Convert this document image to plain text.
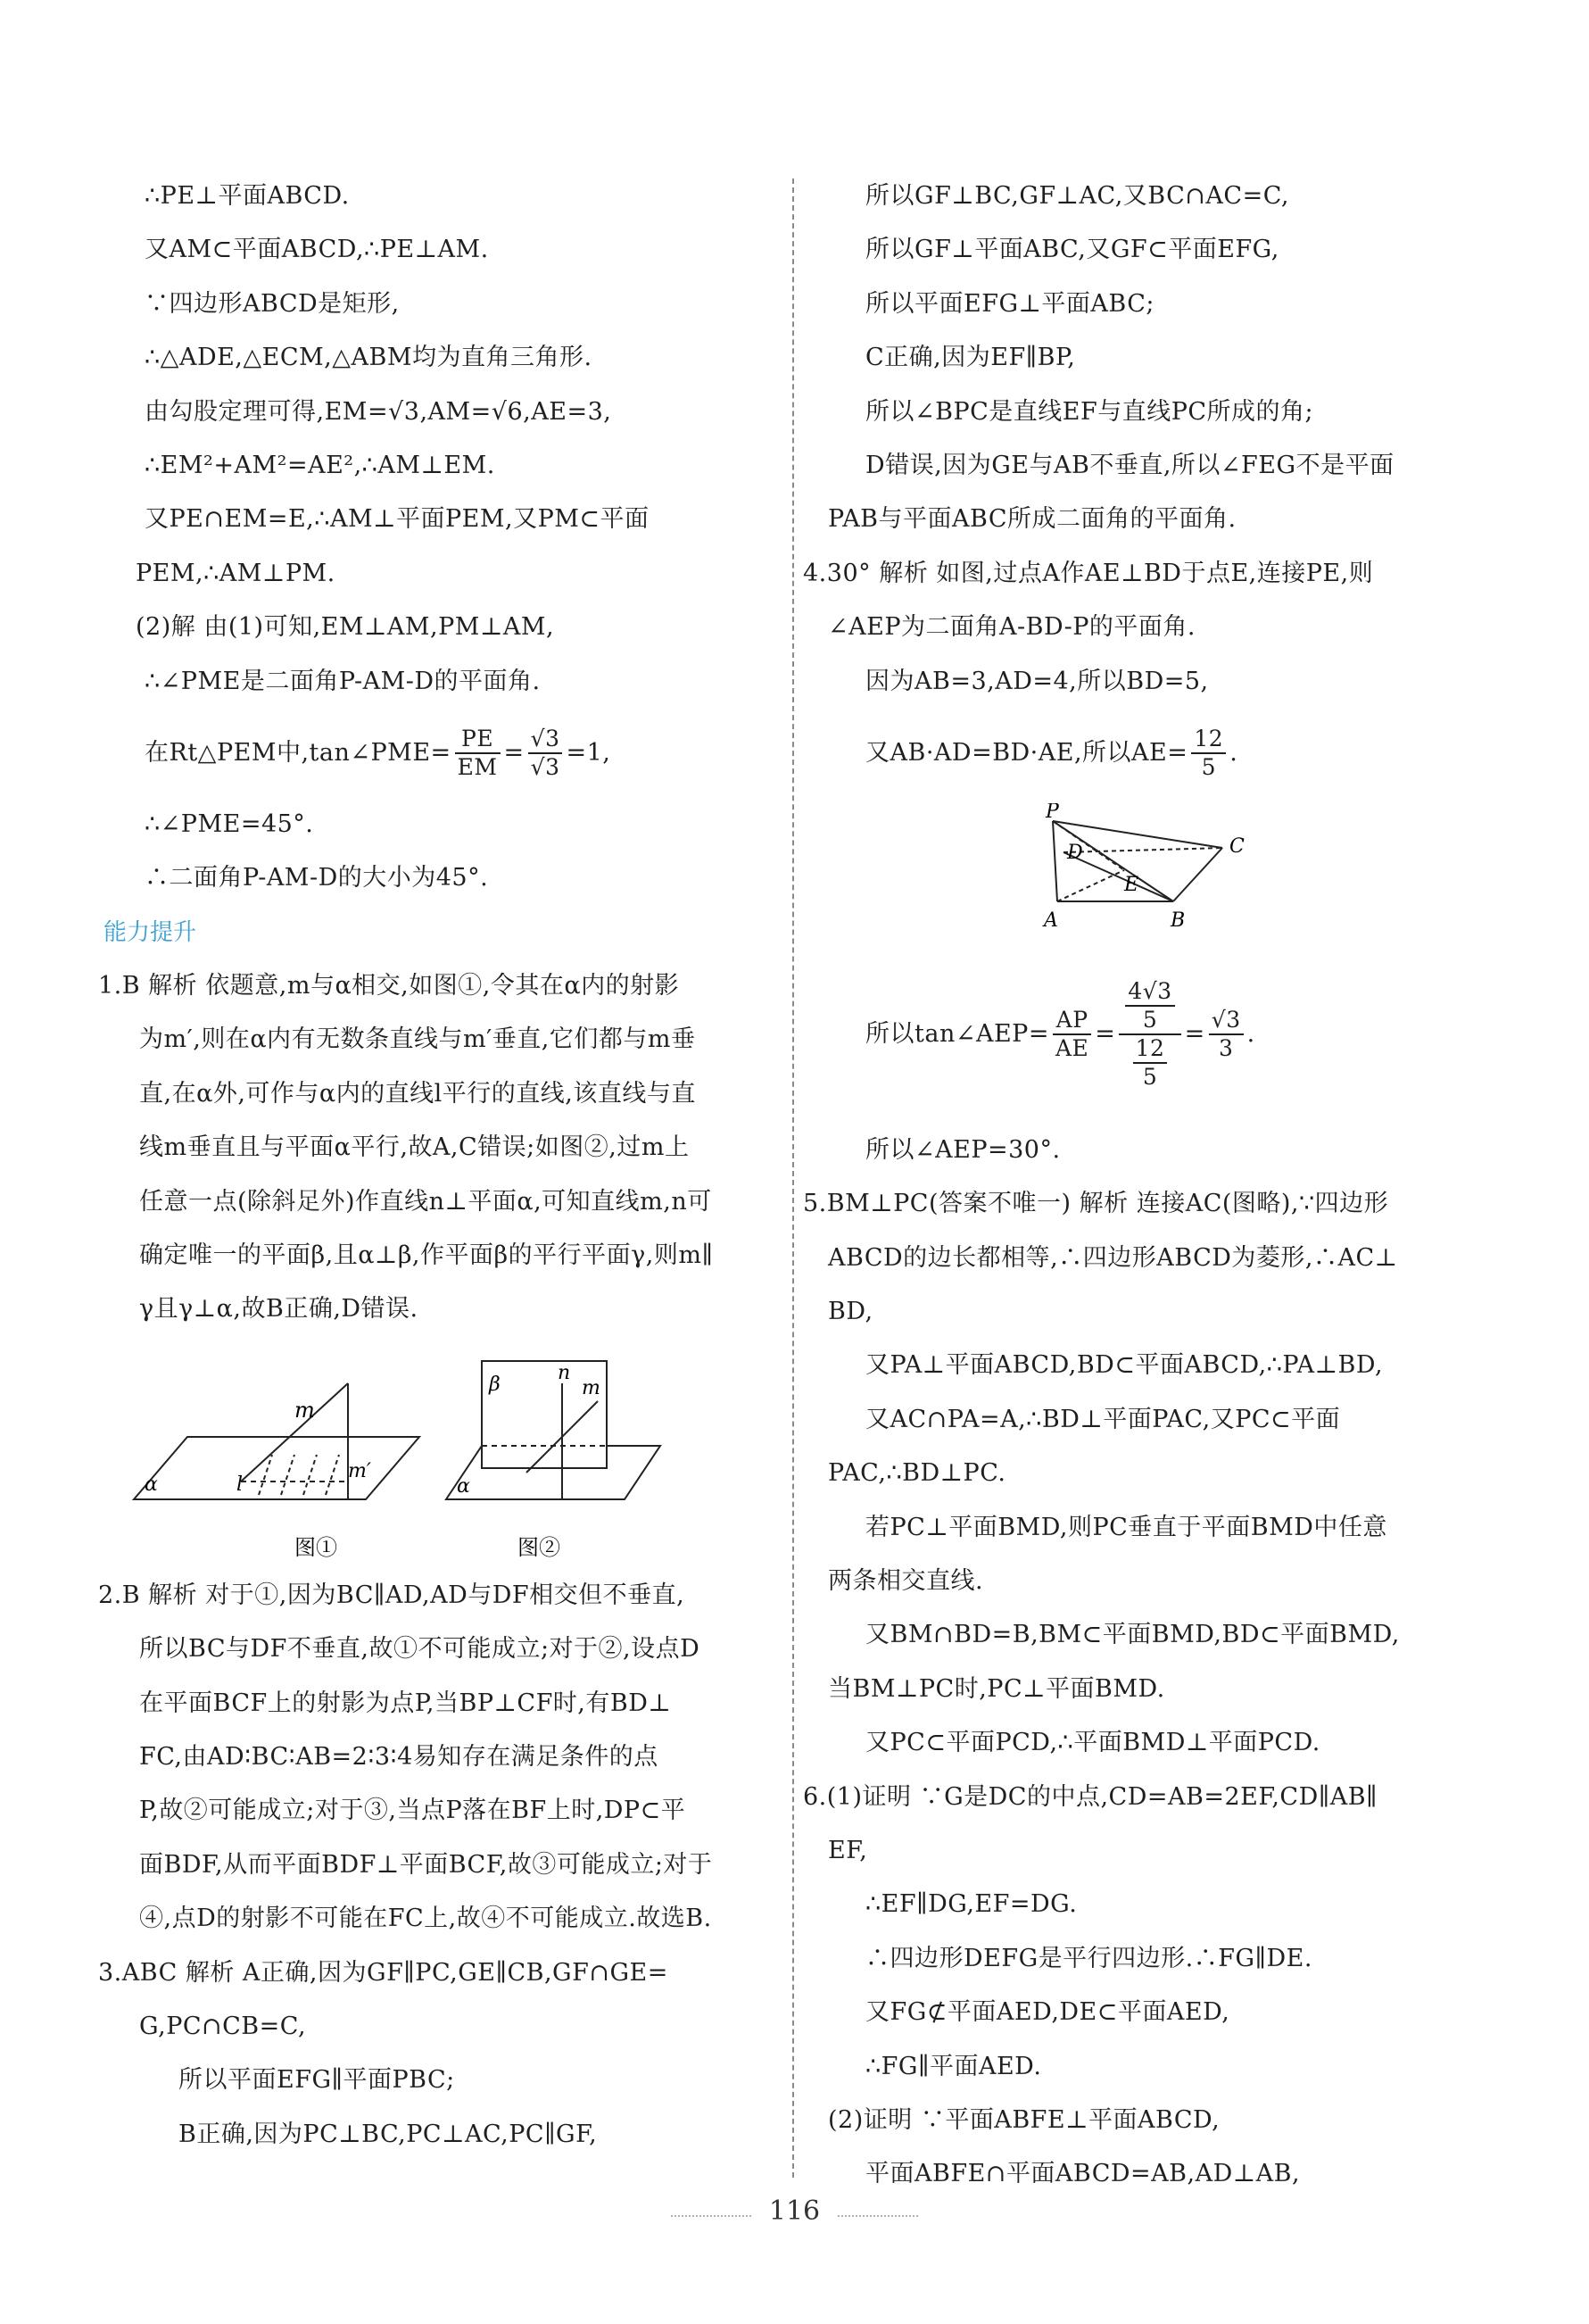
∴PE⊥平面ABCD.
又AM⊂平面ABCD,∴PE⊥AM.
∵四边形ABCD是矩形,
∴△ADE,△ECM,△ABM均为直角三角形.
由勾股定理可得,EM=√3,AM=√6,AE=3,
∴EM²+AM²=AE²,∴AM⊥EM.
又PE∩EM=E,∴AM⊥平面PEM,又PM⊂平面
PEM,∴AM⊥PM.
(2)解 由(1)可知,EM⊥AM,PM⊥AM,
∴∠PME是二面角P-AM-D的平面角.
在Rt△PEM中,tan∠PME= $\frac{PE}{EM} = \frac{√3}{√3} =1$,
∴∠PME=45°.
∴二面角P-AM-D的大小为45°.
能力提升
1.B 解析 依题意,m与α相交,如图①,令其在α内的射影
为m′,则在α内有无数条直线与m′垂直,它们都与m垂
直,在α外,可作与α内的直线l平行的直线,该直线与直
线m垂直且与平面α平行,故A,C错误;如图②,过m上
任意一点(除斜足外)作直线n⊥平面α,可知直线m,n可
确定唯一的平面β,且α⊥β,作平面β的平行平面γ,则m∥
γ且γ⊥α,故B正确,D错误.
2.B 解析 对于①,因为BC∥AD,AD与DF相交但不垂直,
所以BC与DF不垂直,故①不可能成立;对于②,设点D
在平面BCF上的射影为点P,当BP⊥CF时,有BD⊥
FC,由AD∶BC∶AB=2∶3∶4易知存在满足条件的点
P,故②可能成立;对于③,当点P落在BF上时,DP⊂平
面BDF,从而平面BDF⊥平面BCF,故③可能成立;对于
④,点D的射影不可能在FC上,故④不可能成立.故选B.
3.ABC 解析 A正确,因为GF∥PC,GE∥CB,GF∩GE=
G,PC∩CB=C,
所以平面EFG∥平面PBC;
B正确,因为PC⊥BC,PC⊥AC,PC∥GF,
m
l
m′
α
图①
β
n
m
α
图②
所以GF⊥BC,GF⊥AC,又BC∩AC=C,
所以GF⊥平面ABC,又GF⊂平面EFG,
所以平面EFG⊥平面ABC;
C正确,因为EF∥BP,
所以∠BPC是直线EF与直线PC所成的角;
D错误,因为GE与AB不垂直,所以∠FEG不是平面
PAB与平面ABC所成二面角的平面角.
4.30° 解析 如图,过点A作AE⊥BD于点E,连接PE,则
∠AEP为二面角A-BD-P的平面角.
因为AB=3,AD=4,所以BD=5,
又AB·AD=BD·AE,所以$AE= \frac{12}{5}$ .
所以tan∠AEP= $\frac{AP}{AE} = \frac{\frac{4√3}{5}}{\frac{12}{5}} = \frac{√3}{3}$ .
所以∠AEP=30°.
5.BM⊥PC(答案不唯一) 解析 连接AC(图略),∵四边形
ABCD的边长都相等,∴四边形ABCD为菱形,∴AC⊥
BD,
又PA⊥平面ABCD,BD⊂平面ABCD,∴PA⊥BD,
又AC∩PA=A,∴BD⊥平面PAC,又PC⊂平面
PAC,∴BD⊥PC.
若PC⊥平面BMD,则PC垂直于平面BMD中任意
两条相交直线.
又BM∩BD=B,BM⊂平面BMD,BD⊂平面BMD,
当BM⊥PC时,PC⊥平面BMD.
又PC⊂平面PCD,∴平面BMD⊥平面PCD.
6.(1)证明 ∵G是DC的中点,CD=AB=2EF,CD∥AB∥
EF,
∴EF∥DG,EF=DG.
∴四边形DEFG是平行四边形.∴FG∥DE.
又FG⊄平面AED,DE⊂平面AED,
∴FG∥平面AED.
(2)证明 ∵平面ABFE⊥平面ABCD,
平面ABFE∩平面ABCD=AB,AD⊥AB,
P
D
E
C
A	B
116
